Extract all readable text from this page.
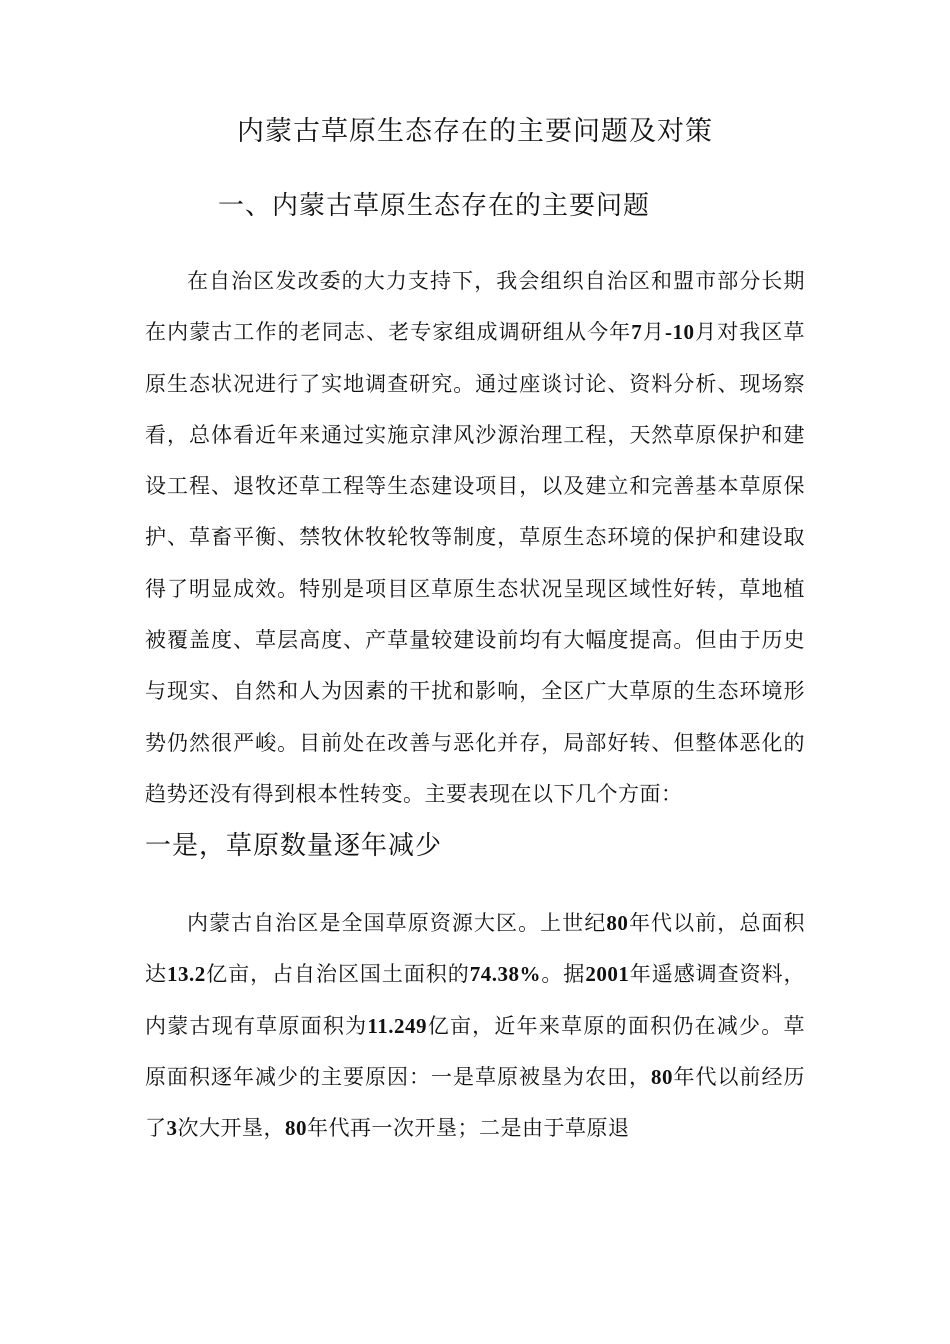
内蒙古草原生态存在的主要问题及对策
一、内蒙古草原生态存在的主要问题
在自治区发改委的大力支持下，我会组织自治区和盟市部分长期在内蒙古工作的老同志、老专家组成调研组从今年7月-10月对我区草原生态状况进行了实地调查研究。通过座谈讨论、资料分析、现场察看，总体看近年来通过实施京津风沙源治理工程，天然草原保护和建设工程、退牧还草工程等生态建设项目，以及建立和完善基本草原保护、草畜平衡、禁牧休牧轮牧等制度，草原生态环境的保护和建设取得了明显成效。特别是项目区草原生态状况呈现区域性好转，草地植被覆盖度、草层高度、产草量较建设前均有大幅度提高。但由于历史与现实、自然和人为因素的干扰和影响，全区广大草原的生态环境形势仍然很严峻。目前处在改善与恶化并存，局部好转、但整体恶化的趋势还没有得到根本性转变。主要表现在以下几个方面：
一是，草原数量逐年减少
内蒙古自治区是全国草原资源大区。上世纪80年代以前，总面积达13.2亿亩，占自治区国土面积的74.38%。据2001年遥感调查资料，内蒙古现有草原面积为11.249亿亩，近年来草原的面积仍在减少。草原面积逐年减少的主要原因：一是草原被垦为农田，80年代以前经历了3次大开垦，80年代再一次开垦；二是由于草原退
